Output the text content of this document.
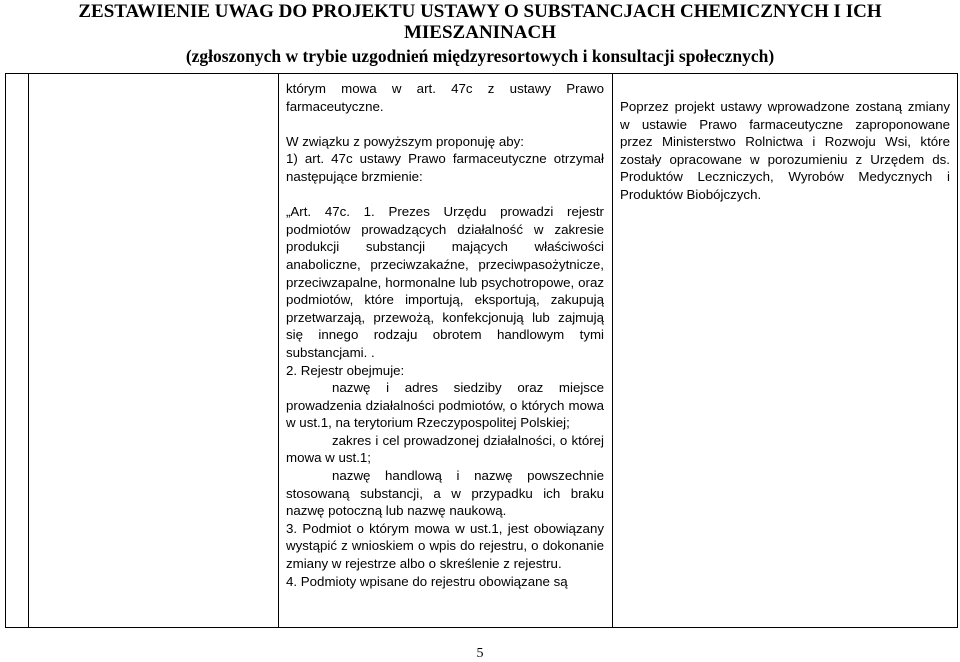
ZESTAWIENIE UWAG DO PROJEKTU USTAWY O SUBSTANCJACH CHEMICZNYCH I ICH
MIESZANINACH
(zgłoszonych w trybie uzgodnień międzyresortowych i konsultacji społecznych)

którym mowa w art. 47c z ustawy Prawo farmaceutyczne.

W związku z powyższym proponuję aby:

1) art. 47c ustawy Prawo farmaceutyczne otrzymał następujące brzmienie:

„Art. 47c. 1. Prezes Urzędu prowadzi rejestr podmiotów prowadzących działalność w zakresie produkcji substancji mających właściwości anaboliczne, przeciwzakaźne, przeciwpasożytnicze, przeciwzapalne, hormonalne lub psychotropowe, oraz podmiotów, które importują, eksportują, zakupują przetwarzają, przewożą, konfekcjonują lub zajmują się innego rodzaju obrotem handlowym tymi substancjami. .

2. Rejestr obejmuje:

nazwę i adres siedziby oraz miejsce prowadzenia działalności podmiotów, o których mowa w ust.1, na terytorium Rzeczypospolitej Polskiej;

zakres i cel prowadzonej działalności, o której mowa w ust.1;

nazwę handlową i nazwę powszechnie stosowaną substancji, a w przypadku ich braku nazwę potoczną lub nazwę naukową.

3. Podmiot o którym mowa w ust.1, jest obowiązany wystąpić z wnioskiem o wpis do rejestru, o dokonanie zmiany w rejestrze albo o skreślenie z rejestru.

4. Podmioty wpisane do rejestru obowiązane są

Poprzez projekt ustawy wprowadzone zostaną zmiany w ustawie Prawo farmaceutyczne zaproponowane przez Ministerstwo Rolnictwa i Rozwoju Wsi, które zostały opracowane w porozumieniu z Urzędem ds. Produktów Leczniczych, Wyrobów Medycznych i Produktów Biobójczych.

5
